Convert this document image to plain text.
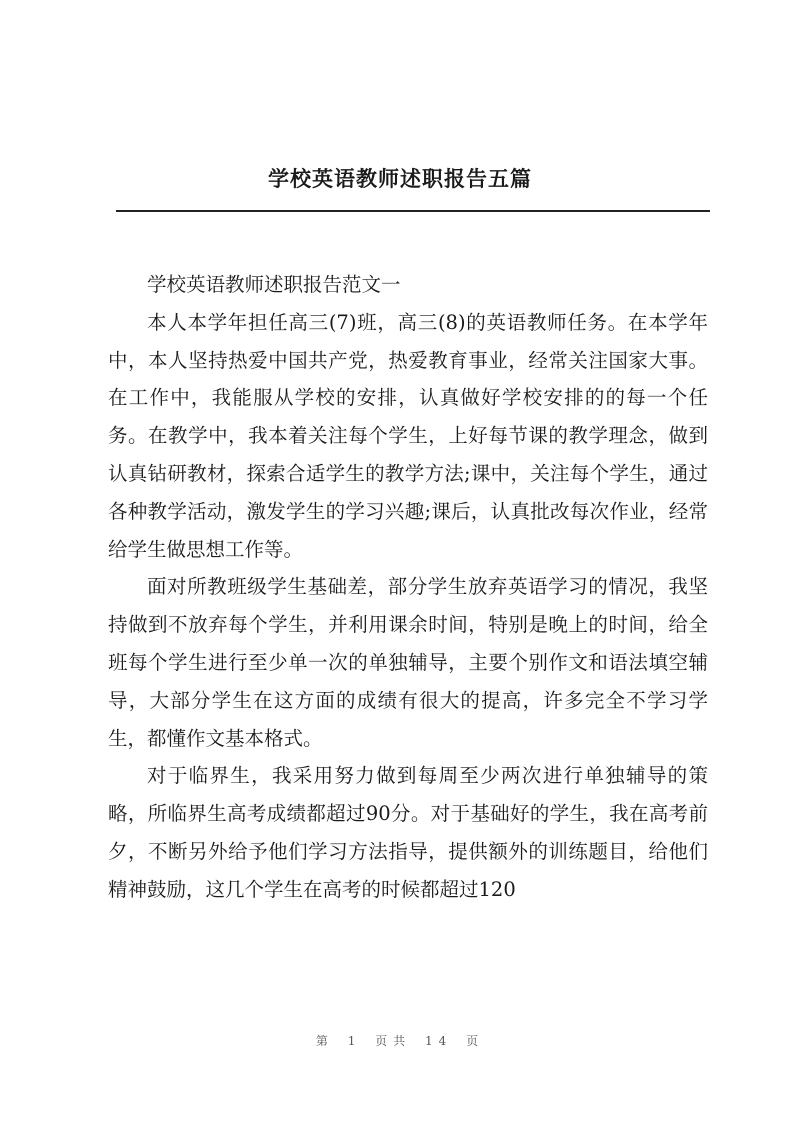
学校英语教师述职报告五篇

学校英语教师述职报告范文一

本人本学年担任高三(7)班，高三(8)的英语教师任务。在本学年中，本人坚持热爱中国共产党，热爱教育事业，经常关注国家大事。在工作中，我能服从学校的安排，认真做好学校安排的的每一个任务。在教学中，我本着关注每个学生，上好每节课的教学理念，做到认真钻研教材，探索合适学生的教学方法;课中，关注每个学生，通过各种教学活动，激发学生的学习兴趣;课后，认真批改每次作业，经常给学生做思想工作等。

面对所教班级学生基础差，部分学生放弃英语学习的情况，我坚持做到不放弃每个学生，并利用课余时间，特别是晚上的时间，给全班每个学生进行至少单一次的单独辅导，主要个别作文和语法填空辅导，大部分学生在这方面的成绩有很大的提高，许多完全不学习学生，都懂作文基本格式。

对于临界生，我采用努力做到每周至少两次进行单独辅导的策略，所临界生高考成绩都超过90分。对于基础好的学生，我在高考前夕，不断另外给予他们学习方法指导，提供额外的训练题目，给他们精神鼓励，这几个学生在高考的时候都超过120

第 1 页共 14 页
